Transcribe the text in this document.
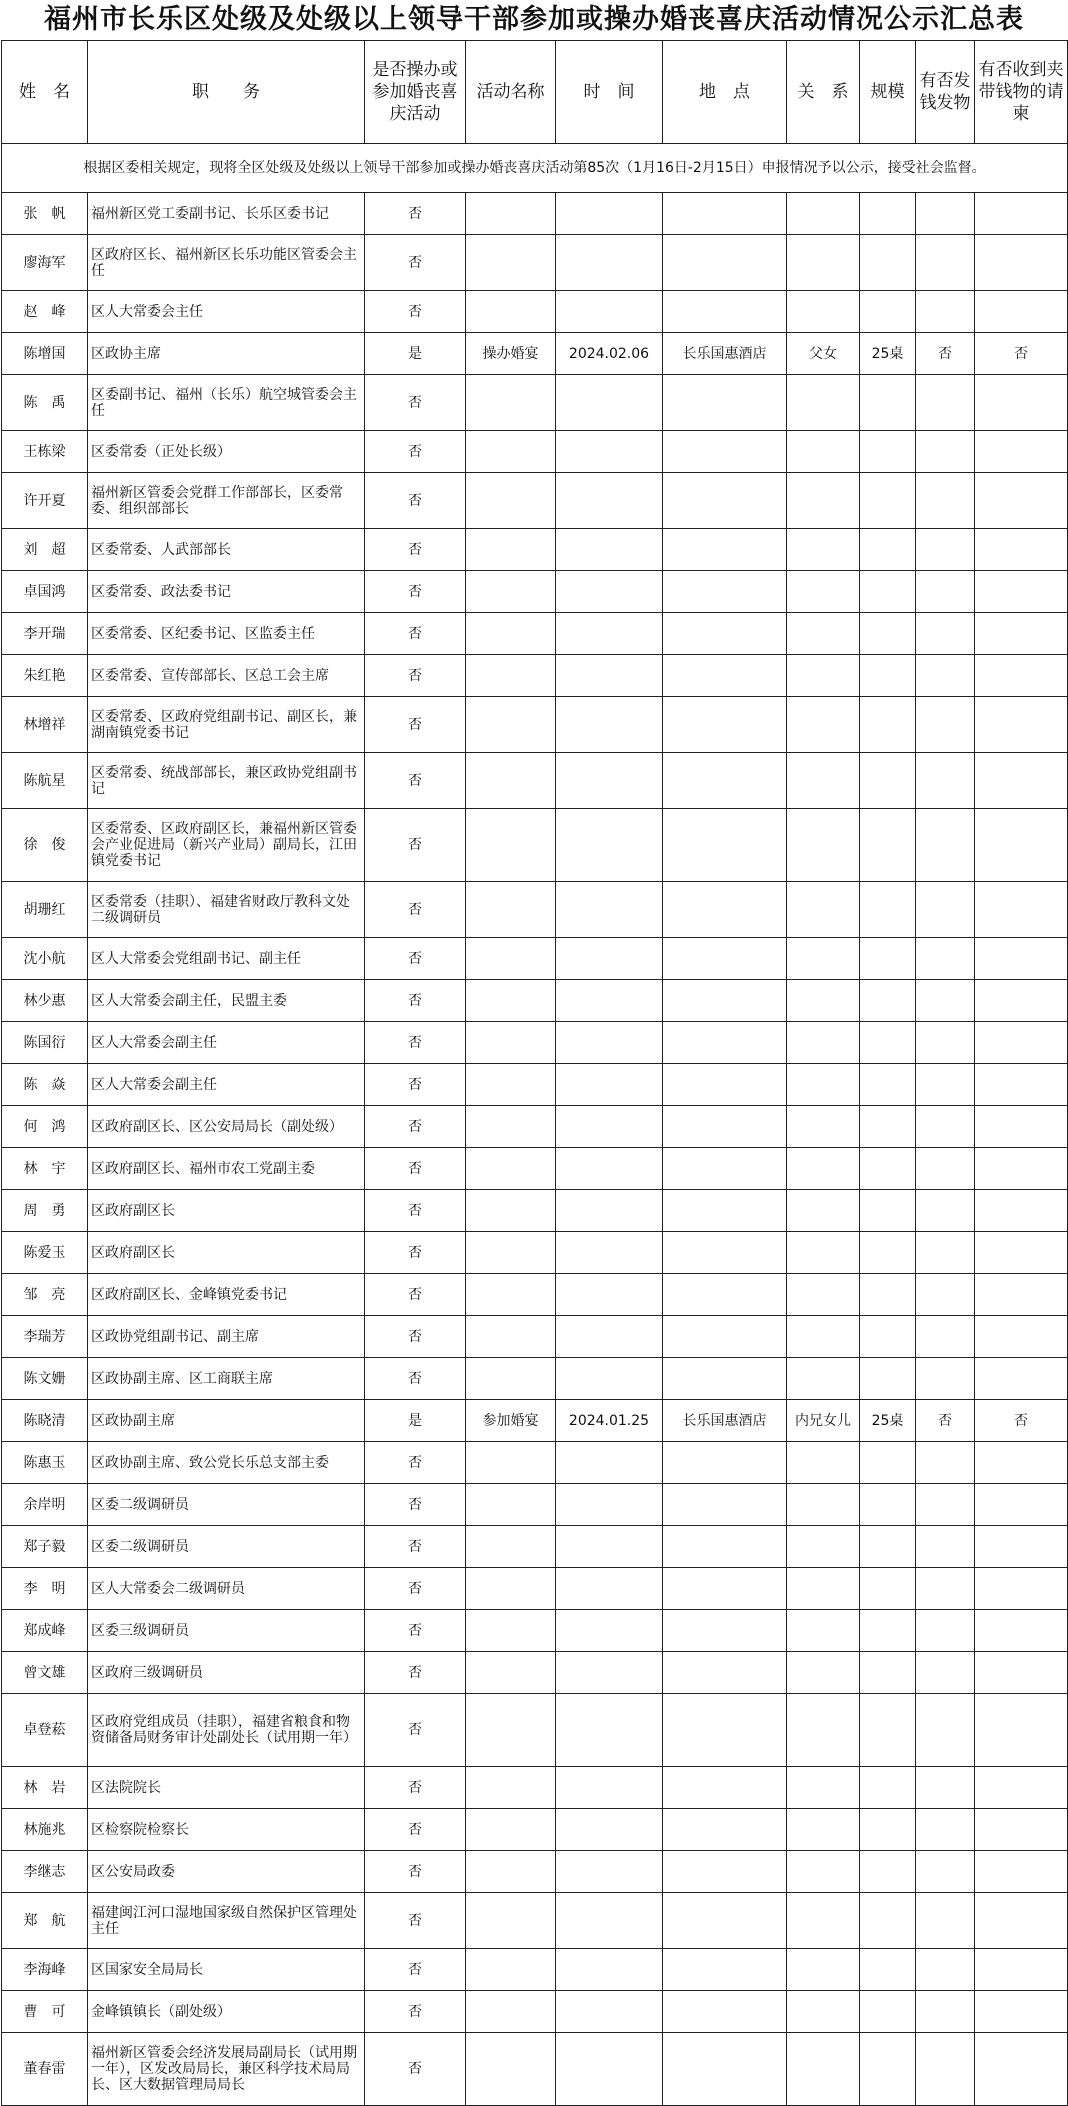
福州市长乐区处级及处级以上领导干部参加或操办婚丧喜庆活动情况公示汇总表
根据区委相关规定，现将全区处级及处级以上领导干部参加或操办婚丧喜庆活动第85次（1月16日-2月15日）申报情况予以公示，接受社会监督。									
姓　名	职　　务	是否操办或参加婚丧喜庆活动	活动名称	时　间	地　点	关　系	规模	有否发钱发物	有否收到夹带钱物的请柬
张　帆	福州新区党工委副书记、长乐区委书记	否							
廖海军	区政府区长、福州新区长乐功能区管委会主任	否							
赵　峰	区人大常委会主任	否							
陈增国	区政协主席	是	操办婚宴	2024.02.06	长乐国惠酒店	父女	25桌	否	否
陈　禹	区委副书记、福州（长乐）航空城管委会主任	否							
王栋梁	区委常委（正处长级）	否							
许开夏	福州新区管委会党群工作部部长，区委常委、组织部部长	否							
刘　超	区委常委、人武部部长	否							
卓国鸿	区委常委、政法委书记	否							
李开瑞	区委常委、区纪委书记、区监委主任	否							
朱红艳	区委常委、宣传部部长、区总工会主席	否							
林增祥	区委常委、区政府党组副书记、副区长，兼湖南镇党委书记	否							
陈航星	区委常委、统战部部长，兼区政协党组副书记	否							
徐　俊	区委常委、区政府副区长，兼福州新区管委会产业促进局（新兴产业局）副局长，江田镇党委书记	否							
胡珊红	区委常委（挂职）、福建省财政厅教科文处二级调研员	否							
沈小航	区人大常委会党组副书记、副主任	否							
林少惠	区人大常委会副主任，民盟主委	否							
陈国衍	区人大常委会副主任	否							
陈　焱	区人大常委会副主任	否							
何　鸿	区政府副区长、区公安局局长（副处级）	否							
林　宇	区政府副区长、福州市农工党副主委	否							
周　勇	区政府副区长	否							
陈爱玉	区政府副区长	否							
邹　亮	区政府副区长、金峰镇党委书记	否							
李瑞芳	区政协党组副书记、副主席	否							
陈文姗	区政协副主席、区工商联主席	否							
陈晓清	区政协副主席	是	参加婚宴	2024.01.25	长乐国惠酒店	内兄女儿	25桌	否	否
陈惠玉	区政协副主席、致公党长乐总支部主委	否							
余岸明	区委二级调研员	否							
郑子毅	区委二级调研员	否							
李　明	区人大常委会二级调研员	否							
郑成峰	区委三级调研员	否							
曾文雄	区政府三级调研员	否							
卓登菘	区政府党组成员（挂职），福建省粮食和物资储备局财务审计处副处长（试用期一年）	否							
林　岩	区法院院长	否							
林施兆	区检察院检察长	否							
李继志	区公安局政委	否							
郑　航	福建闽江河口湿地国家级自然保护区管理处主任	否							
李海峰	区国家安全局局长	否							
曹　可	金峰镇镇长（副处级）	否							
董春雷	福州新区管委会经济发展局副局长（试用期一年），区发改局局长，兼区科学技术局局长、区大数据管理局局长	否							
